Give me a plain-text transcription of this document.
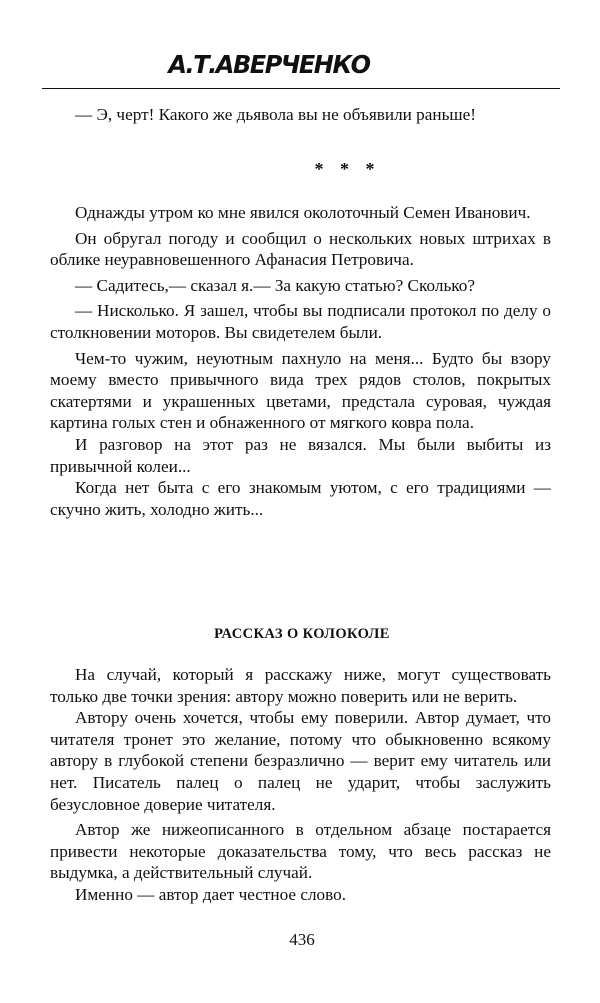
А.Т.АВЕРЧЕНКО

— Э, черт! Какого же дьявола вы не объявили раньше!

* * *

Однажды утром ко мне явился околоточный Семен Иванович.

Он обругал погоду и сообщил о нескольких новых штрихах в облике неуравновешенного Афанасия Петровича.

— Садитесь,— сказал я.— За какую статью? Сколько?

— Нисколько. Я зашел, чтобы вы подписали протокол по делу о столкновении моторов. Вы свидетелем были.

Чем-то чужим, неуютным пахнуло на меня... Будто бы взору моему вместо привычного вида трех рядов столов, покрытых скатертями и украшенных цветами, предстала суровая, чуждая картина голых стен и обнаженного от мягкого ковра пола.

И разговор на этот раз не вязался. Мы были выбиты из привычной колеи...

Когда нет быта с его знакомым уютом, с его традициями — скучно жить, холодно жить...

РАССКАЗ О КОЛОКОЛЕ

На случай, который я расскажу ниже, могут существовать только две точки зрения: автору можно поверить или не верить.

Автору очень хочется, чтобы ему поверили. Автор думает, что читателя тронет это желание, потому что обыкновенно всякому автору в глубокой степени безразлично — верит ему читатель или нет. Писатель палец о палец не ударит, чтобы заслужить безусловное доверие читателя.

Автор же нижеописанного в отдельном абзаце постарается привести некоторые доказательства тому, что весь рассказ не выдумка, а действительный случай.

Именно — автор дает честное слово.

436
